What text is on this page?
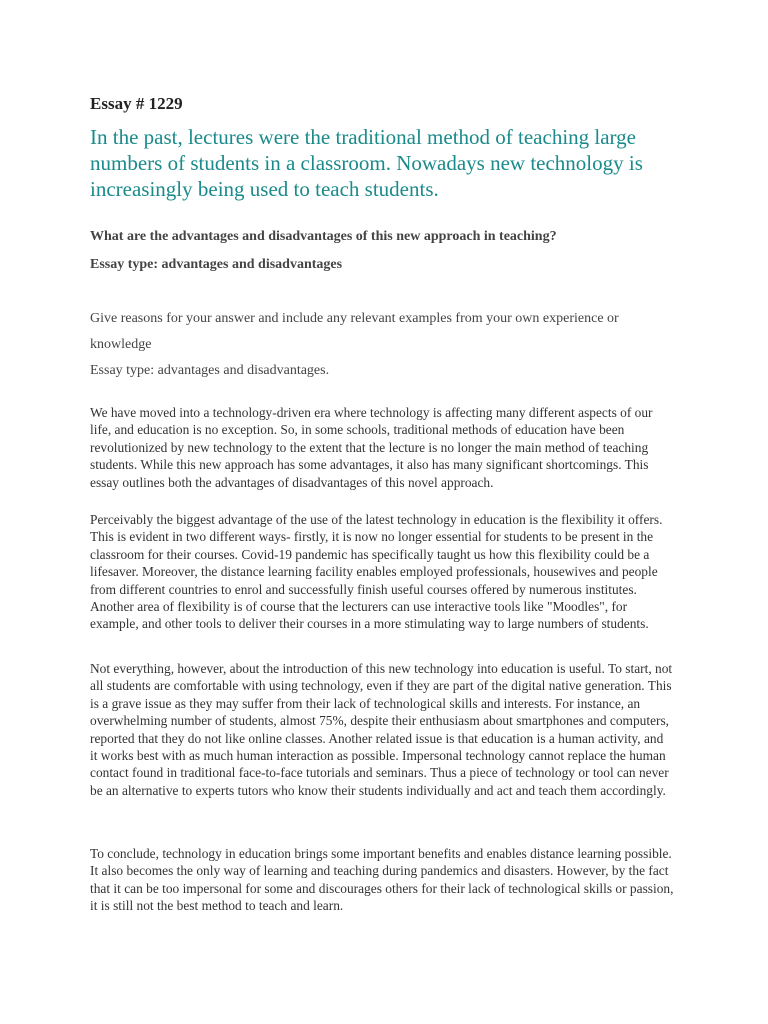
Essay # 1229
In the past, lectures were the traditional method of teaching large numbers of students in a classroom. Nowadays new technology is increasingly being used to teach students.
What are the advantages and disadvantages of this new approach in teaching?
Essay type: advantages and disadvantages

Give reasons for your answer and include any relevant examples from your own experience or knowledge

Essay type: advantages and disadvantages.

We have moved into a technology-driven era where technology is affecting many different aspects of our life, and education is no exception. So, in some schools, traditional methods of education have been revolutionized by new technology to the extent that the lecture is no longer the main method of teaching students. While this new approach has some advantages, it also has many significant shortcomings. This essay outlines both the advantages of disadvantages of this novel approach.

Perceivably the biggest advantage of the use of the latest technology in education is the flexibility it offers. This is evident in two different ways- firstly, it is now no longer essential for students to be present in the classroom for their courses. Covid-19 pandemic has specifically taught us how this flexibility could be a lifesaver. Moreover, the distance learning facility enables employed professionals, housewives and people from different countries to enrol and successfully finish useful courses offered by numerous institutes. Another area of flexibility is of course that the lecturers can use interactive tools like "Moodles", for example, and other tools to deliver their courses in a more stimulating way to large numbers of students.

Not everything, however, about the introduction of this new technology into education is useful. To start, not all students are comfortable with using technology, even if they are part of the digital native generation. This is a grave issue as they may suffer from their lack of technological skills and interests. For instance, an overwhelming number of students, almost 75%, despite their enthusiasm about smartphones and computers, reported that they do not like online classes. Another related issue is that education is a human activity, and it works best with as much human interaction as possible. Impersonal technology cannot replace the human contact found in traditional face-to-face tutorials and seminars. Thus a piece of technology or tool can never be an alternative to experts tutors who know their students individually and act and teach them accordingly.

To conclude, technology in education brings some important benefits and enables distance learning possible. It also becomes the only way of learning and teaching during pandemics and disasters. However, by the fact that it can be too impersonal for some and discourages others for their lack of technological skills or passion, it is still not the best method to teach and learn.
